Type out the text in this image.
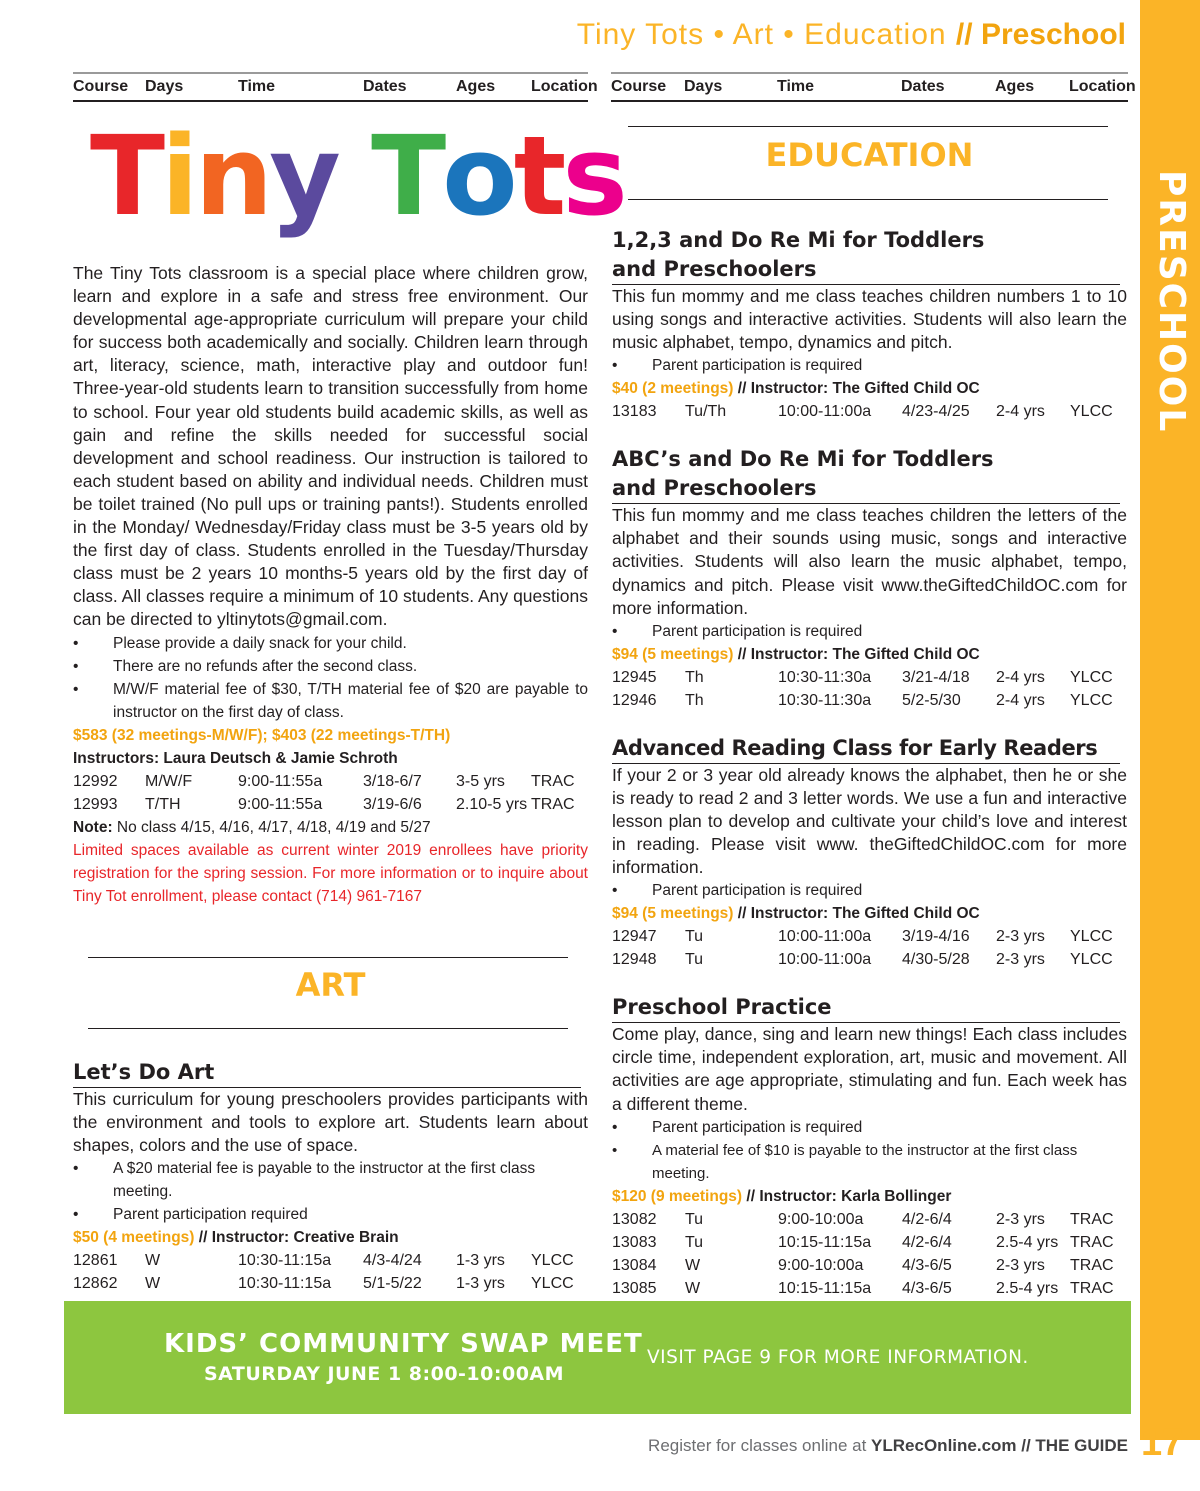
PRESCHOOL
Tiny Tots • Art • Education // Preschool
Course Days	Time	Dates	Ages Location Course Days	Time	Dates	Ages Location
Tiny Tots

The Tiny Tots classroom is a special place where children grow, learn and explore in a safe and stress free environment. Our developmental age-appropriate curriculum will prepare your child for success both academically and socially. Children learn through art, literacy, science, math, interactive play and outdoor fun! Three-year-old students learn to transition successfully from home to school. Four year old students build academic skills, as well as gain and refine the skills needed for successful social development and school readiness. Our instruction is tailored to each student based on ability and individual needs. Children must be toilet trained (No pull ups or training pants!). Students enrolled in the Monday/ Wednesday/Friday class must be 3-5 years old by the first day of class. Students enrolled in the Tuesday/Thursday class must be 2 years 10 months-5 years old by the first day of class. All classes require a minimum of 10 students. Any questions can be directed to yltinytots@gmail.com.

• Please provide a daily snack for your child.
• There are no refunds after the second class.
• M/W/F material fee of $30, T/TH material fee of $20 are payable to instructor on the first day of class.
$583 (32 meetings-M/W/F); $403 (22 meetings-T/TH)
Instructors: Laura Deutsch & Jamie Schroth
12992 M/W/F	9:00-11:55a	3/18-6/7 3-5 yrs TRAC
12993 T/TH	9:00-11:55a	3/19-6/6 2.10-5 yrs TRAC
Note: No class 4/15, 4/16, 4/17, 4/18, 4/19 and 5/27
Limited spaces available as current winter 2019 enrollees have priority registration for the spring session. For more information or to inquire about Tiny Tot enrollment, please contact (714) 961-7167
ART
Let’s Do Art

This curriculum for young preschoolers provides participants with the environment and tools to explore art. Students learn about shapes, colors and the use of space.

• A $20 material fee is payable to the instructor at the first class meeting.
• Parent participation required
$50 (4 meetings) // Instructor: Creative Brain
12861 W	10:30-11:15a 4/3-4/24 1-3 yrs YLCC
12862 W	10:30-11:15a 5/1-5/22 1-3 yrs YLCC
EDUCATION
1,2,3 and Do Re Mi for Toddlers
and Preschoolers

This fun mommy and me class teaches children numbers 1 to 10 using songs and interactive activities. Students will also learn the music alphabet, tempo, dynamics and pitch.

• Parent participation is required
$40 (2 meetings) // Instructor: The Gifted Child OC
13183 Tu/Th	10:00-11:00a 4/23-4/25 2-4 yrs YLCC
ABC’s and Do Re Mi for Toddlers
and Preschoolers

This fun mommy and me class teaches children the letters of the alphabet and their sounds using music, songs and interactive activities. Students will also learn the music alphabet, tempo, dynamics and pitch. Please visit www.theGiftedChildOC.com for more information.

• Parent participation is required
$94 (5 meetings) // Instructor: The Gifted Child OC
12945 Th	10:30-11:30a 3/21-4/18 2-4 yrs YLCC
12946 Th	10:30-11:30a 5/2-5/30 2-4 yrs YLCC
Advanced Reading Class for Early Readers

If your 2 or 3 year old already knows the alphabet, then he or she is ready to read 2 and 3 letter words. We use a fun and interactive lesson plan to develop and cultivate your child’s love and interest in reading. Please visit www. theGiftedChildOC.com for more information.

• Parent participation is required
$94 (5 meetings) // Instructor: The Gifted Child OC
12947 Tu	10:00-11:00a 3/19-4/16 2-3 yrs YLCC
12948 Tu	10:00-11:00a 4/30-5/28 2-3 yrs YLCC
Preschool Practice

Come play, dance, sing and learn new things! Each class includes circle time, independent exploration, art, music and movement. All activities are age appropriate, stimulating and fun. Each week has a different theme.

• Parent participation is required
• A material fee of $10 is payable to the instructor at the first class meeting.
$120 (9 meetings) // Instructor: Karla Bollinger
13082 Tu	9:00-10:00a 4/2-6/4	2-3 yrs TRAC
13083 Tu	10:15-11:15a 4/2-6/4	2.5-4 yrs TRAC
13084 W	9:00-10:00a 4/3-6/5	2-3 yrs TRAC
13085 W	10:15-11:15a 4/3-6/5	2.5-4 yrs TRAC
KIDS’ COMMUNITY SWAP MEET
SATURDAY JUNE 1 8:00-10:00AM
VISIT PAGE 9 FOR MORE INFORMATION.
Register for classes online at YLRecOnline.com // THE GUIDE 17
